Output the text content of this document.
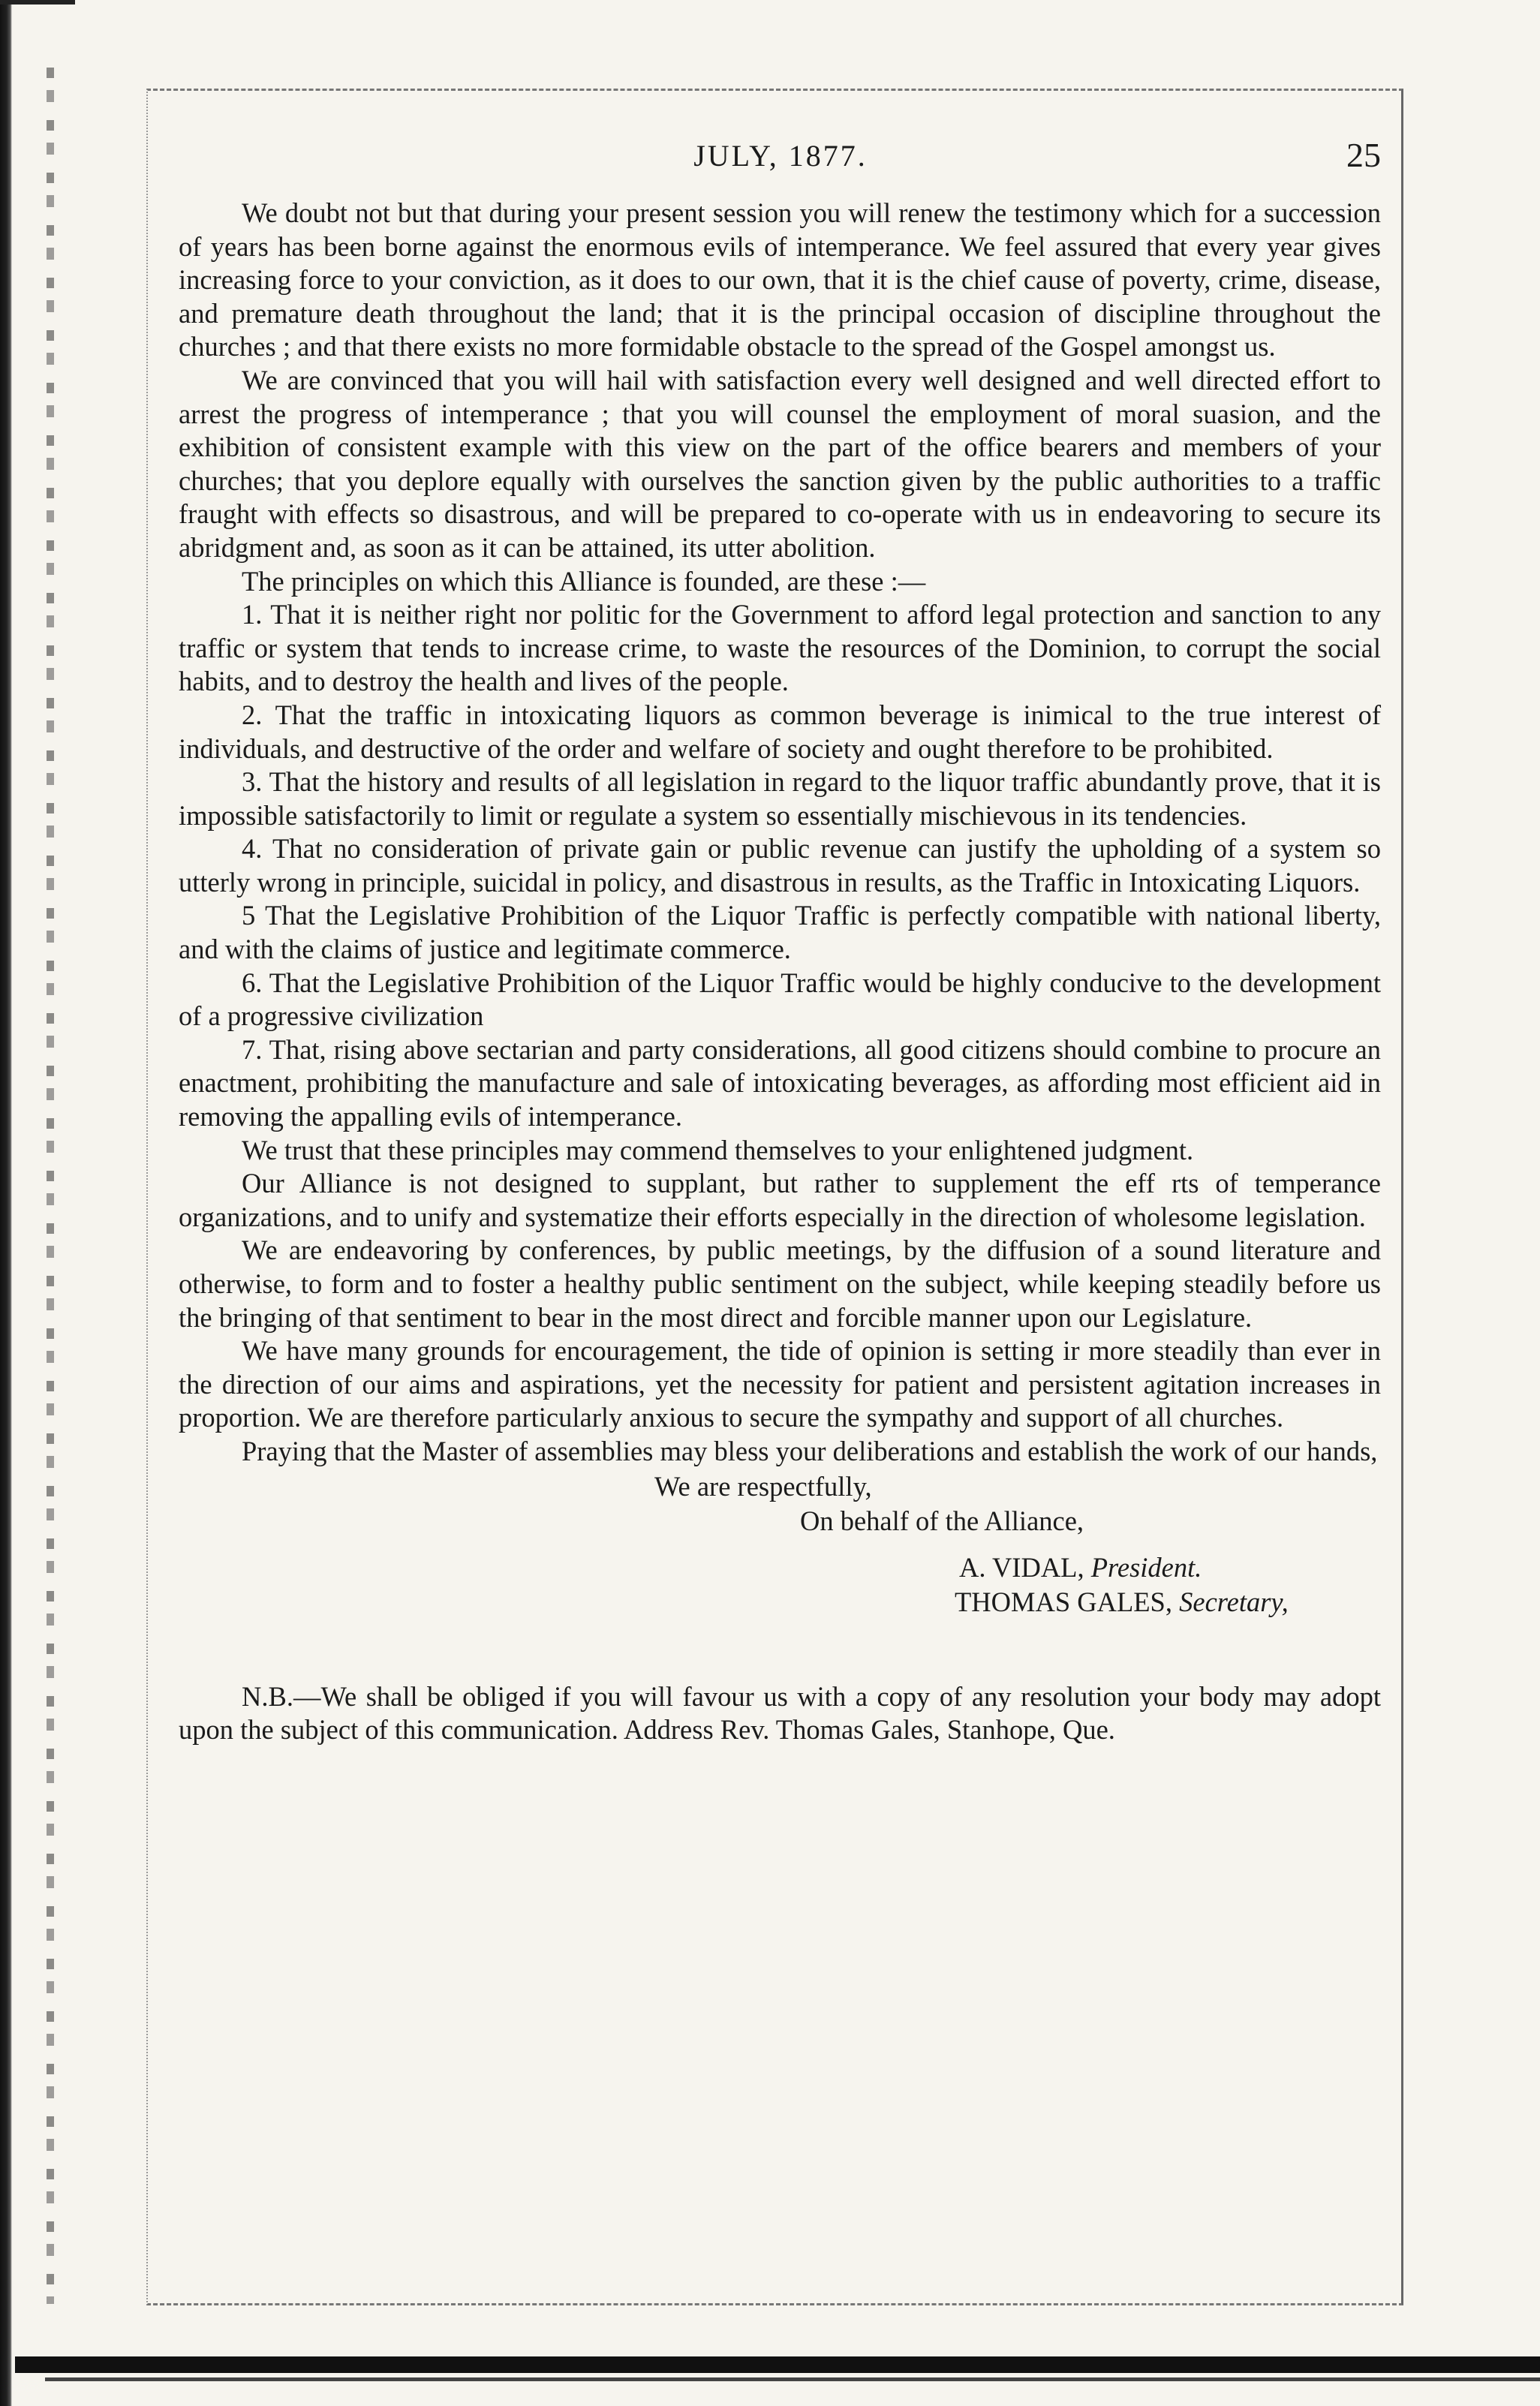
JULY, 1877.	25

We doubt not but that during your present session you will renew the testimony which for a succession of years has been borne against the enormous evils of intemperance. We feel assured that every year gives increasing force to your conviction, as it does to our own, that it is the chief cause of poverty, crime, disease, and premature death throughout the land; that it is the principal occasion of discipline throughout the churches ; and that there exists no more formidable obstacle to the spread of the Gospel amongst us.

We are convinced that you will hail with satisfaction every well designed and well directed effort to arrest the progress of intemperance ; that you will counsel the employment of moral suasion, and the exhibition of consistent example with this view on the part of the office bearers and members of your churches; that you deplore equally with ourselves the sanction given by the public authorities to a traffic fraught with effects so disastrous, and will be prepared to co-operate with us in endeavoring to secure its abridgment and, as soon as it can be attained, its utter abolition.

The principles on which this Alliance is founded, are these :—

1. That it is neither right nor politic for the Government to afford legal protection and sanction to any traffic or system that tends to increase crime, to waste the resources of the Dominion, to corrupt the social habits, and to destroy the health and lives of the people.

2. That the traffic in intoxicating liquors as common beverage is inimical to the true interest of individuals, and destructive of the order and welfare of society and ought therefore to be prohibited.

3. That the history and results of all legislation in regard to the liquor traffic abundantly prove, that it is impossible satisfactorily to limit or regulate a system so essentially mischievous in its tendencies.

4. That no consideration of private gain or public revenue can justify the upholding of a system so utterly wrong in principle, suicidal in policy, and disastrous in results, as the Traffic in Intoxicating Liquors.

5 That the Legislative Prohibition of the Liquor Traffic is perfectly compatible with national liberty, and with the claims of justice and legitimate commerce.

6. That the Legislative Prohibition of the Liquor Traffic would be highly conducive to the development of a progressive civilization

7. That, rising above sectarian and party considerations, all good citizens should combine to procure an enactment, prohibiting the manufacture and sale of intoxicating beverages, as affording most efficient aid in removing the appalling evils of intemperance.

We trust that these principles may commend themselves to your enlightened judgment.

Our Alliance is not designed to supplant, but rather to supplement the eff rts of temperance organizations, and to unify and systematize their efforts especially in the direction of wholesome legislation.

We are endeavoring by conferences, by public meetings, by the diffusion of a sound literature and otherwise, to form and to foster a healthy public sentiment on the subject, while keeping steadily before us the bringing of that sentiment to bear in the most direct and forcible manner upon our Legislature.

We have many grounds for encouragement, the tide of opinion is setting ir more steadily than ever in the direction of our aims and aspirations, yet the necessity for patient and persistent agitation increases in proportion. We are therefore particularly anxious to secure the sympathy and support of all churches.

Praying that the Master of assemblies may bless your deliberations and establish the work of our hands,

We are respectfully,
On behalf of the Alliance,
A. VIDAL, President.
THOMAS GALES, Secretary,

N.B.—We shall be obliged if you will favour us with a copy of any resolution your body may adopt upon the subject of this communication. Address Rev. Thomas Gales, Stanhope, Que.
